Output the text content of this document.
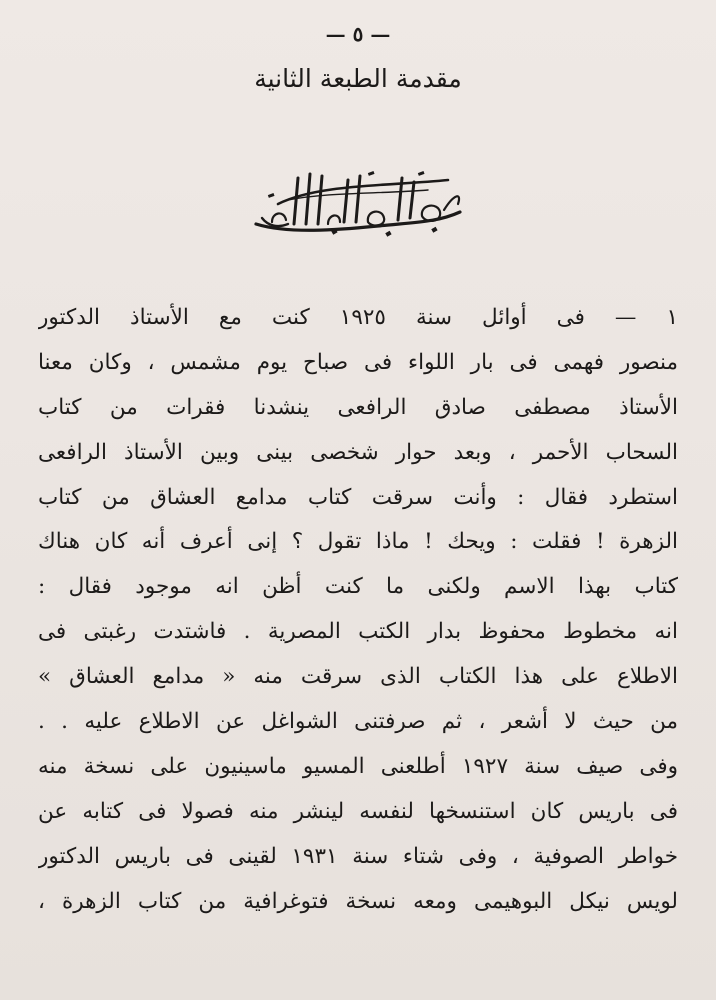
— ٥ —
مقدمة الطبعة الثانية
١ — فى أوائل سنة ١٩٢٥ كنت مع الأستاذ الدكتور
منصور فهمى فى بار اللواء فى صباح يوم مشمس ، وكان معنا
الأستاذ مصطفى صادق الرافعى ينشدنا فقرات من كتاب
السحاب الأحمر ، وبعد حوار شخصى بينى وبين الأستاذ الرافعى
استطرد فقال : وأنت سرقت كتاب مدامع العشاق من كتاب
الزهرة ! فقلت : ويحك ! ماذا تقول ؟ إنى أعرف أنه كان هناك
كتاب بهذا الاسم ولكنى ما كنت أظن انه موجود فقال :
انه مخطوط محفوظ بدار الكتب المصرية . فاشتدت رغبتى فى
الاطلاع على هذا الكتاب الذى سرقت منه « مدامع العشاق »
من حيث لا أشعر ، ثم صرفتنى الشواغل عن الاطلاع عليه . .
وفى صيف سنة ١٩٢٧ أطلعنى المسيو ماسينيون على نسخة منه
فى باريس كان استنسخها لنفسه لينشر منه فصولا فى كتابه عن
خواطر الصوفية ، وفى شتاء سنة ١٩٣١ لقينى فى باريس الدكتور
لويس نيكل البوهيمى ومعه نسخة فتوغرافية من كتاب الزهرة ،
